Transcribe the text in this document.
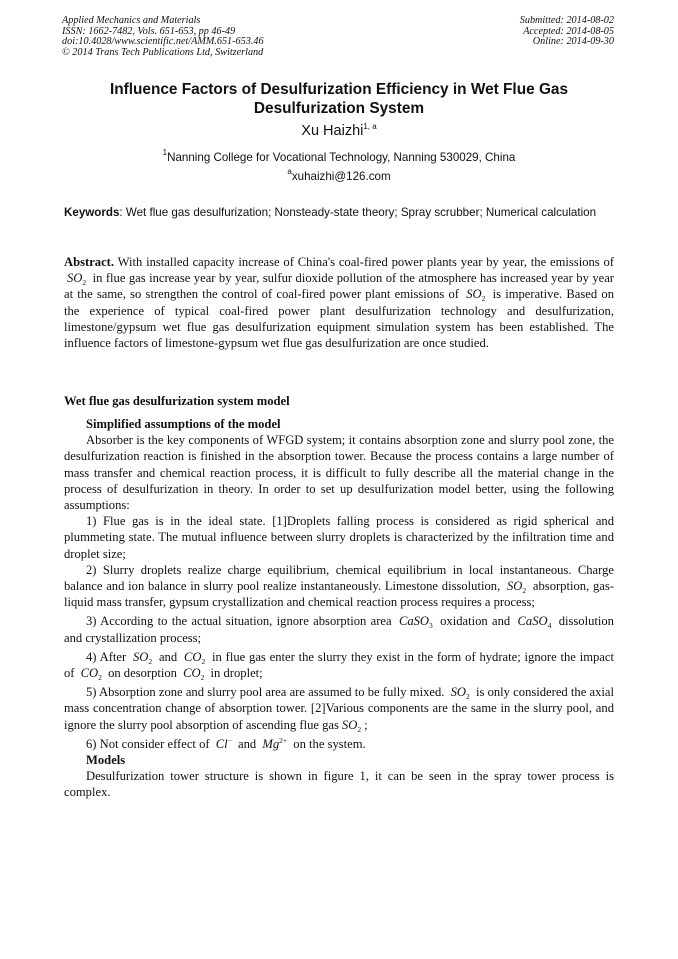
Applied Mechanics and Materials
ISSN: 1662-7482, Vols. 651-653, pp 46-49
doi:10.4028/www.scientific.net/AMM.651-653.46
© 2014 Trans Tech Publications Ltd, Switzerland
Submitted: 2014-08-02
Accepted: 2014-08-05
Online: 2014-09-30
Influence Factors of Desulfurization Efficiency in Wet Flue Gas Desulfurization System
Xu Haizhi$^{1, a}$
$^1$Nanning College for Vocational Technology, Nanning 530029, China
$^a$xuhaizhi@126.com
Keywords: Wet flue gas desulfurization; Nonsteady-state theory; Spray scrubber; Numerical calculation
Abstract. With installed capacity increase of China's coal-fired power plants year by year, the emissions of $SO_2$ in flue gas increase year by year, sulfur dioxide pollution of the atmosphere has increased year by year at the same, so strengthen the control of coal-fired power plant emissions of $SO_2$ is imperative. Based on the experience of typical coal-fired power plant desulfurization technology and desulfurization, limestone/gypsum wet flue gas desulfurization equipment simulation system has been established. The influence factors of limestone-gypsum wet flue gas desulfurization are once studied.
Wet flue gas desulfurization system model
Simplified assumptions of the model

Absorber is the key components of WFGD system; it contains absorption zone and slurry pool zone, the desulfurization reaction is finished in the absorption tower. Because the process contains a large number of mass transfer and chemical reaction process, it is difficult to fully describe all the material change in the process of desulfurization in theory. In order to set up desulfurization model better, using the following assumptions:

1) Flue gas is in the ideal state. [1]Droplets falling process is considered as rigid spherical and plummeting state. The mutual influence between slurry droplets is characterized by the infiltration time and droplet size;

2) Slurry droplets realize charge equilibrium, chemical equilibrium in local instantaneous. Charge balance and ion balance in slurry pool realize instantaneously. Limestone dissolution, $SO_2$ absorption, gas-liquid mass transfer, gypsum crystallization and chemical reaction process requires a process;

3) According to the actual situation, ignore absorption area CaSO$_3$ oxidation and CaSO$_4$ dissolution and crystallization process;

4) After $SO_2$ and $CO_2$ in flue gas enter the slurry they exist in the form of hydrate; ignore the impact of $CO_2$ on desorption $CO_2$ in droplet;

5) Absorption zone and slurry pool area are assumed to be fully mixed. $SO_2$ is only considered the axial mass concentration change of absorption tower. [2]Various components are the same in the slurry pool, and ignore the slurry pool absorption of ascending flue gas $SO_2$ ;

6) Not consider effect of Cl− and $Mg^{2+}$ on the system.

Models

Desulfurization tower structure is shown in figure 1, it can be seen in the spray tower process is complex.
